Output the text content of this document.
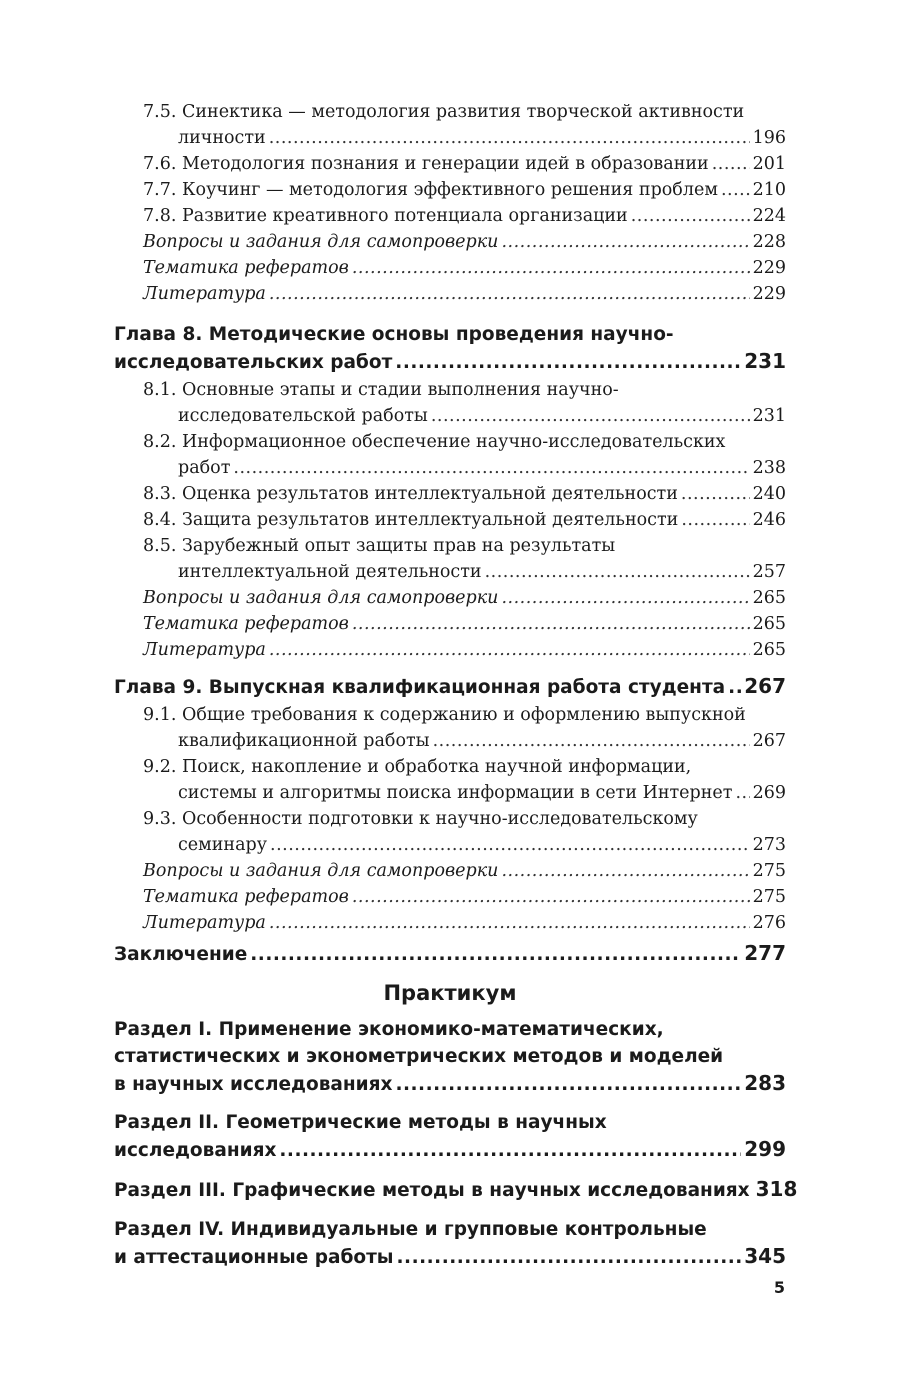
7.5. Синектика — методология развития творческой активности
личности .....	196
7.6. Методология познания и генерации идей в образовании .....	201
7.7. Коучинг — методология эффективного решения проблем ..... 210
7.8. Развитие креативного потенциала организации .....	224
Вопросы и задания для самопроверки .....	228
Тематика рефератов .....	229
Литература .....	229
Глава 8. Методические основы проведения научно-
исследовательских работ .....	231
8.1. Основные этапы и стадии выполнения научно-
исследовательской работы .....	231
8.2. Информационное обеспечение научно-исследовательских
работ .....	238
8.3. Оценка результатов интеллектуальной деятельности .....	240
8.4. Защита результатов интеллектуальной деятельности .....	246
8.5. Зарубежный опыт защиты прав на результаты
интеллектуальной деятельности .....	257
Вопросы и задания для самопроверки .....	265
Тематика рефератов .....	265
Литература .....	265
Глава 9. Выпускная квалификационная работа студента ..... 267
9.1. Общие требования к содержанию и оформлению выпускной
квалификационной работы .....	267
9.2. Поиск, накопление и обработка научной информации,
системы и алгоритмы поиска информации в сети Интернет ..... 269
9.3. Особенности подготовки к научно-исследовательскому
семинару .....	273
Вопросы и задания для самопроверки .....	275
Тематика рефератов .....	275
Литература .....	276
Заключение .....	277
Практикум
Раздел I. Применение экономико-математических,
статистических и эконометрических методов и моделей
в научных исследованиях .....	283
Раздел II. Геометрические методы в научных
исследованиях .....	299
Раздел III. Графические методы в научных исследованиях 318
Раздел IV. Индивидуальные и групповые контрольные
и аттестационные работы .....	345
5
